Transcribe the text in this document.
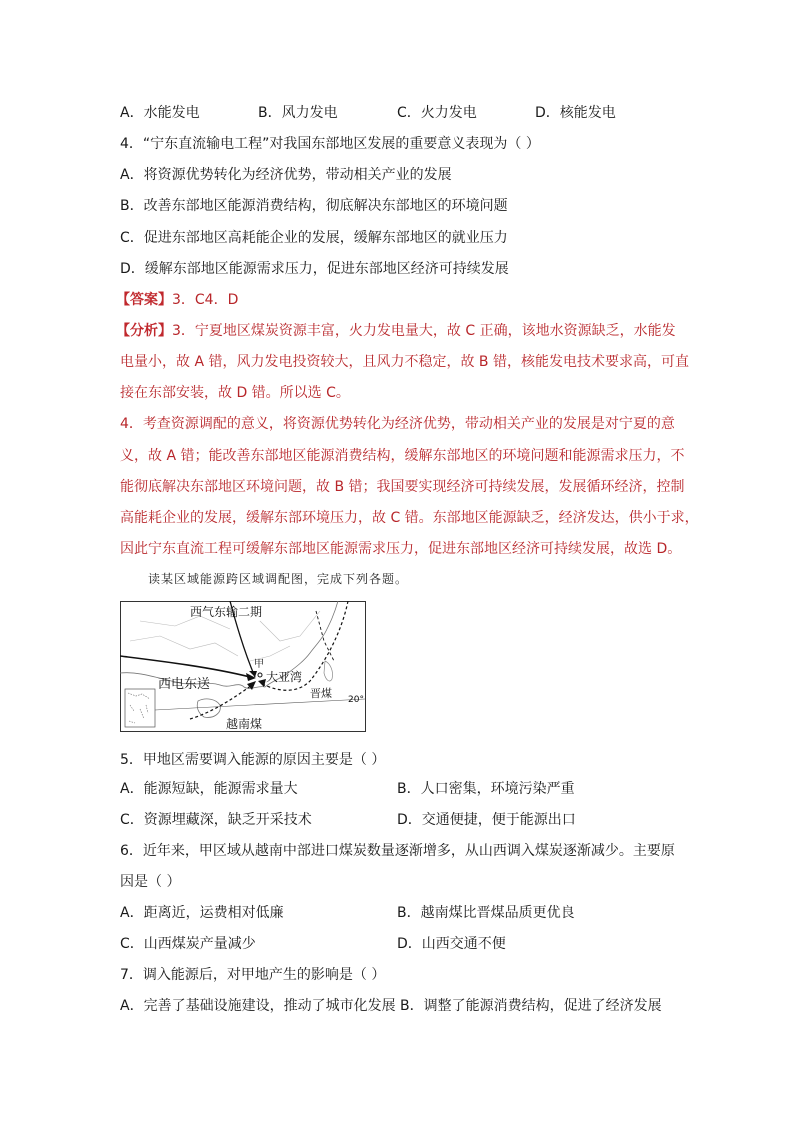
A．水能发电	B．风力发电	C．火力发电	D．核能发电
4．“宁东直流输电工程”对我国东部地区发展的重要意义表现为（ ）
A．将资源优势转化为经济优势，带动相关产业的发展
B．改善东部地区能源消费结构，彻底解决东部地区的环境问题
C．促进东部地区高耗能企业的发展，缓解东部地区的就业压力
D．缓解东部地区能源需求压力，促进东部地区经济可持续发展
【答案】3．C4．D
【分析】3．宁夏地区煤炭资源丰富，火力发电量大，故 C 正确，该地水资源缺乏，水能发
电量小，故 A 错，风力发电投资较大，且风力不稳定，故 B 错，核能发电技术要求高，可直
接在东部安装，故 D 错。所以选 C。
4．考查资源调配的意义，将资源优势转化为经济优势，带动相关产业的发展是对宁夏的意
义，故 A 错；能改善东部地区能源消费结构，缓解东部地区的环境问题和能源需求压力，不
能彻底解决东部地区环境问题，故 B 错；我国要实现经济可持续发展，发展循环经济，控制
高能耗企业的发展，缓解东部环境压力，故 C 错。东部地区能源缺乏，经济发达，供小于求，
因此宁东直流工程可缓解东部地区能源需求压力，促进东部地区经济可持续发展，故选 D。
读某区域能源跨区域调配图，完成下列各题。
西气东输二期
西电东送
甲
大亚湾
晋煤
越南煤
20°
5．甲地区需要调入能源的原因主要是（ ）
A．能源短缺，能源需求量大	B．人口密集，环境污染严重
C．资源埋藏深，缺乏开采技术	D．交通便捷，便于能源出口
6．近年来，甲区域从越南中部进口煤炭数量逐渐增多，从山西调入煤炭逐渐减少。主要原
因是（ ）
A．距离近，运费相对低廉	B．越南煤比晋煤品质更优良
C．山西煤炭产量减少	D．山西交通不便
7．调入能源后，对甲地产生的影响是（ ）
A．完善了基础设施建设，推动了城市化发展 B．调整了能源消费结构，促进了经济发展
